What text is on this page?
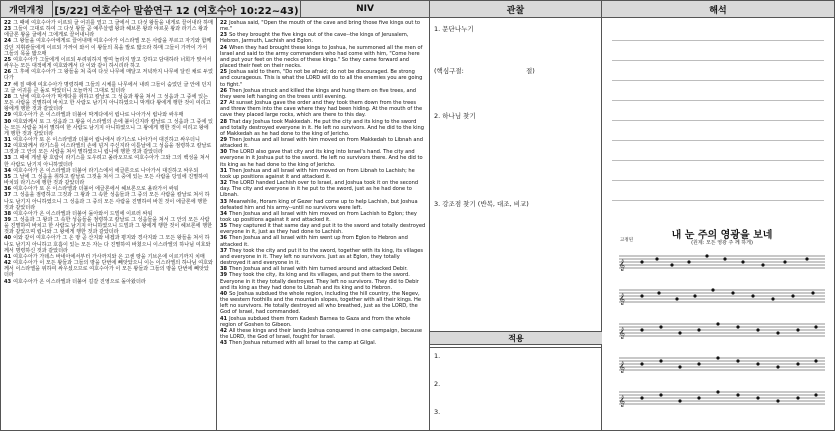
개역개정	[5/22] 여호수아 말씀연구 12 (여호수아 10:22~43)	NIV	관찰	해석

22 그 때에 여호수아가 이르되 굴 어귀를 열고 그 굴에서 그 다섯 왕들을 내게로 끌어내라 하매

23 그들이 그대로 하여 그 다섯 왕들 곧 예루살렘 왕과 헤브론 왕과 야르뭇 왕과 라기스 왕과 에글론 왕을 굴에서 그에게로 끌어내니라

24 그 왕들을 여호수아에게로 끌어내매 여호수아가 이스라엘 모든 사람을 부르고 자기와 함께 갔던 지휘관들에게 이르되 가까이 와서 이 왕들의 목을 발로 밟으라 하매 그들이 가까이 가서 그들의 목을 밟으매

25 여호수아가 그들에게 이르되 두려워하지 말며 놀라지 말고 강하고 담대하라 너희가 맞서서 싸우는 모든 대적에게 여호와께서 다 이와 같이 하시리라 하고

26 그 후에 여호수아가 그 왕들을 쳐 죽여 다섯 나무에 매달고 저녁까지 나무에 달린 채로 두었다가

27 해 질 때에 여호수아가 명령하매 그들의 시체를 나무에서 내려 그들이 숨었던 굴 안에 던지고 굴 어귀를 큰 돌로 막았더니 오늘까지 그대로 있더라

28 그 날에 여호수아가 막게다를 취하고 칼날로 그 성읍과 왕을 쳐서 그 성읍과 그 중에 있는 모든 사람을 진멸하여 바치고 한 사람도 남기지 아니하였으니 막게다 왕에게 행한 것이 여리고 왕에게 행한 것과 같았더라

29 여호수아가 온 이스라엘과 더불어 막게다에서 립나로 나아가서 립나와 싸우매

30 여호와께서 또 그 성읍과 그 왕을 이스라엘의 손에 붙이신지라 칼날로 그 성읍과 그 중에 있는 모든 사람을 쳐서 멸하여 한 사람도 남기지 아니하였으니 그 왕에게 행한 것이 여리고 왕에게 행한 것과 같았더라

31 여호수아가 또 온 이스라엘과 더불어 립나에서 라기스로 나아가서 대진하고 싸우더니

32 여호와께서 라기스를 이스라엘의 손에 넘겨 주신지라 이튿날에 그 성읍을 점령하고 칼날로 그것과 그 안의 모든 사람을 쳐서 멸하였으니 립나에 행한 것과 같았더라

33 그 때에 게셀 왕 호람이 라기스를 도우려고 올라오므로 여호수아가 그와 그의 백성을 쳐서 한 사람도 남기지 아니하였더라

34 여호수아가 온 이스라엘과 더불어 라기스에서 에글론으로 나아가서 대진하고 싸우되

35 그 날에 그 성읍을 취하고 칼날로 그것을 쳐서 그 중에 있는 모든 사람을 당일에 진멸하여 바치되 라기스에 행한 것과 같았더라

36 여호수아가 또 온 이스라엘과 더불어 에글론에서 헤브론으로 올라가서 싸워

37 그 성읍을 점령하고 그것과 그 왕과 그 속한 성읍들과 그 중의 모든 사람을 칼날로 쳐서 하나도 남기지 아니하였으니 그 성읍과 그 중의 모든 사람을 진멸하여 바친 것이 에글론에 행한 것과 같았더라

38 여호수아가 온 이스라엘과 더불어 돌아와서 드빌에 이르러 싸워

39 그 성읍과 그 왕과 그 속한 성읍들을 점령하고 칼날로 그 성읍들을 쳐서 그 안의 모든 사람을 진멸하여 바치고 한 사람도 남기지 아니하였으니 드빌과 그 왕에게 행한 것이 헤브론에 행한 것과 같았으며 립나와 그 왕에게 행한 것과 같았더라

40 이와 같이 여호수아가 그 온 땅 곧 산지와 네겝과 평지와 경사지와 그 모든 왕들을 쳐서 하나도 남기지 아니하고 호흡이 있는 모든 자는 다 진멸하여 바쳤으니 이스라엘의 하나님 여호와께서 명령하신 것과 같았더라

41 여호수아가 가데스 바네아에서부터 가사까지와 온 고센 땅을 기브온에 이르기까지 치매

42 여호수아가 이 모든 왕들과 그들의 땅을 단번에 빼앗았으니 이는 이스라엘의 하나님 여호와께서 이스라엘을 위하여 싸우셨으므로 여호수아가 이 모든 왕들과 그들의 땅을 단번에 빼앗았더라

43 여호수아가 온 이스라엘과 더불어 길갈 진영으로 돌아왔더라

22 Joshua said, "Open the mouth of the cave and bring those five kings out to me."

23 So they brought the five kings out of the cave--the kings of Jerusalem, Hebron, Jarmuth, Lachish and Eglon.

24 When they had brought these kings to Joshua, he summoned all the men of Israel and said to the army commanders who had come with him, "Come here and put your feet on the necks of these kings." So they came forward and placed their feet on their necks.

25 Joshua said to them, "Do not be afraid; do not be discouraged. Be strong and courageous. This is what the LORD will do to all the enemies you are going to fight."

26 Then Joshua struck and killed the kings and hung them on five trees, and they were left hanging on the trees until evening.

27 At sunset Joshua gave the order and they took them down from the trees and threw them into the cave where they had been hiding. At the mouth of the cave they placed large rocks, which are there to this day.

28 That day Joshua took Makkedah. He put the city and its king to the sword and totally destroyed everyone in it. He left no survivors. And he did to the king of Makkedah as he had done to the king of Jericho.

29 Then Joshua and all Israel with him moved on from Makkedah to Libnah and attacked it.

30 The LORD also gave that city and its king into Israel's hand. The city and everyone in it Joshua put to the sword. He left no survivors there. And he did to its king as he had done to the king of Jericho.

31 Then Joshua and all Israel with him moved on from Libnah to Lachish; he took up positions against it and attacked it.

32 The LORD handed Lachish over to Israel, and Joshua took it on the second day. The city and everyone in it he put to the sword, just as he had done to Libnah.

33 Meanwhile, Horam king of Gezer had come up to help Lachish, but Joshua defeated him and his army--until no survivors were left.

34 Then Joshua and all Israel with him moved on from Lachish to Eglon; they took up positions against it and attacked it.

35 They captured it that same day and put it to the sword and totally destroyed everyone in it, just as they had done to Lachish.

36 Then Joshua and all Israel with him went up from Eglon to Hebron and attacked it.

37 They took the city and put it to the sword, together with its king, its villages and everyone in it. They left no survivors. Just as at Eglon, they totally destroyed it and everyone in it.

38 Then Joshua and all Israel with him turned around and attacked Debir.

39 They took the city, its king and its villages, and put them to the sword. Everyone in it they totally destroyed. They left no survivors. They did to Debir and its king as they had done to Libnah and its king and to Hebron.

40 So Joshua subdued the whole region, including the hill country, the Negev, the western foothills and the mountain slopes, together with all their kings. He left no survivors. He totally destroyed all who breathed, just as the LORD, the God of Israel, had commanded.

41 Joshua subdued them from Kadesh Barnea to Gaza and from the whole region of Goshen to Gibeon.

42 All these kings and their lands Joshua conquered in one campaign, because the LORD, the God of Israel, fought for Israel.

43 Then Joshua returned with all Israel to the camp at Gilgal.

1. 문단나누기
(핵심구절:	절)
2. 하나님 찾기
3. 강조점 찾기 (반복, 대조, 비교)
적용
1.
2.
3.
내 눈 주의 영광을 보네
(원제: 모든 영광 주 께 하게)
고정된
𝄞
𝄞
𝄞
𝄞
𝄞
